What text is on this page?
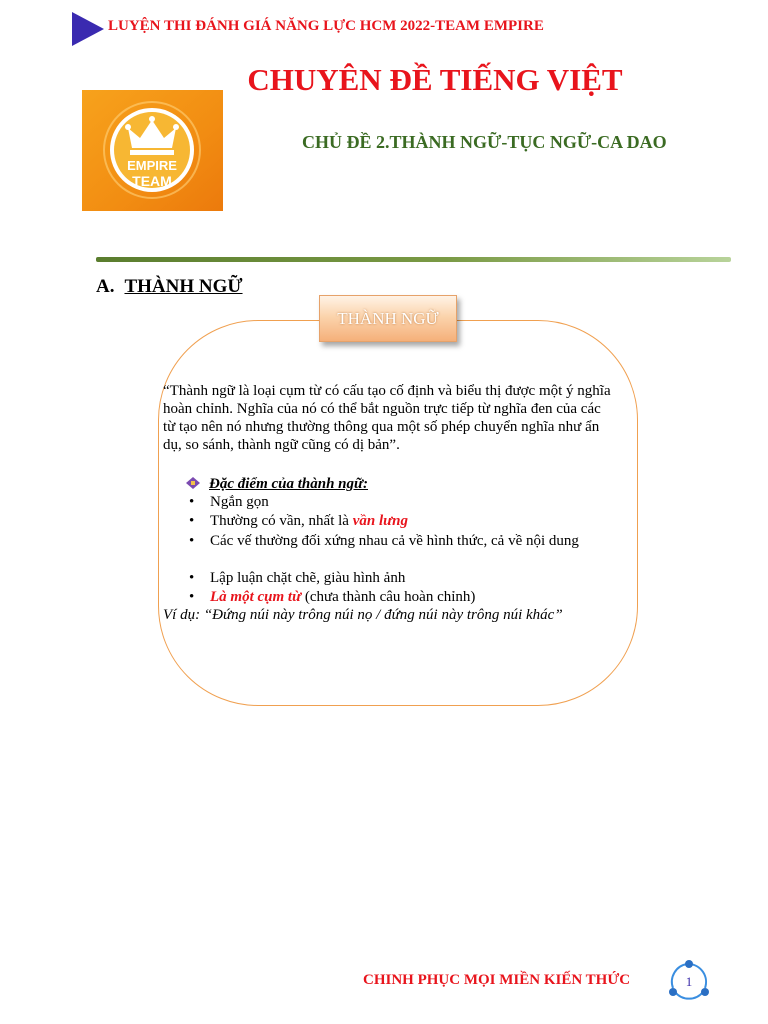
LUYỆN THI ĐÁNH GIÁ NĂNG LỰC HCM 2022-TEAM EMPIRE
CHUYÊN ĐỀ TIẾNG VIỆT
EMPIRE
TEAM
CHỦ ĐỀ 2.THÀNH NGỮ-TỤC NGỮ-CA DAO
A. THÀNH NGỮ
THÀNH NGỮ
“Thành ngữ là loại cụm từ có cấu tạo cố định và biểu thị được một ý nghĩa hoàn chỉnh. Nghĩa của nó có thể bắt nguồn trực tiếp từ nghĩa đen của các từ tạo nên nó nhưng thường thông qua một số phép chuyển nghĩa như ẩn dụ, so sánh, thành ngữ cũng có dị bản”.
Đặc điểm của thành ngữ:
• Ngắn gọn
• Thường có vần, nhất là vần lưng
• Các vế thường đối xứng nhau cả về hình thức, cả về nội dung
• Lập luận chặt chẽ, giàu hình ảnh
• Là một cụm từ (chưa thành câu hoàn chỉnh)
Ví dụ: “Đứng núi này trông núi nọ / đứng núi này trông núi khác”
CHINH PHỤC MỌI MIỀN KIẾN THỨC	1
